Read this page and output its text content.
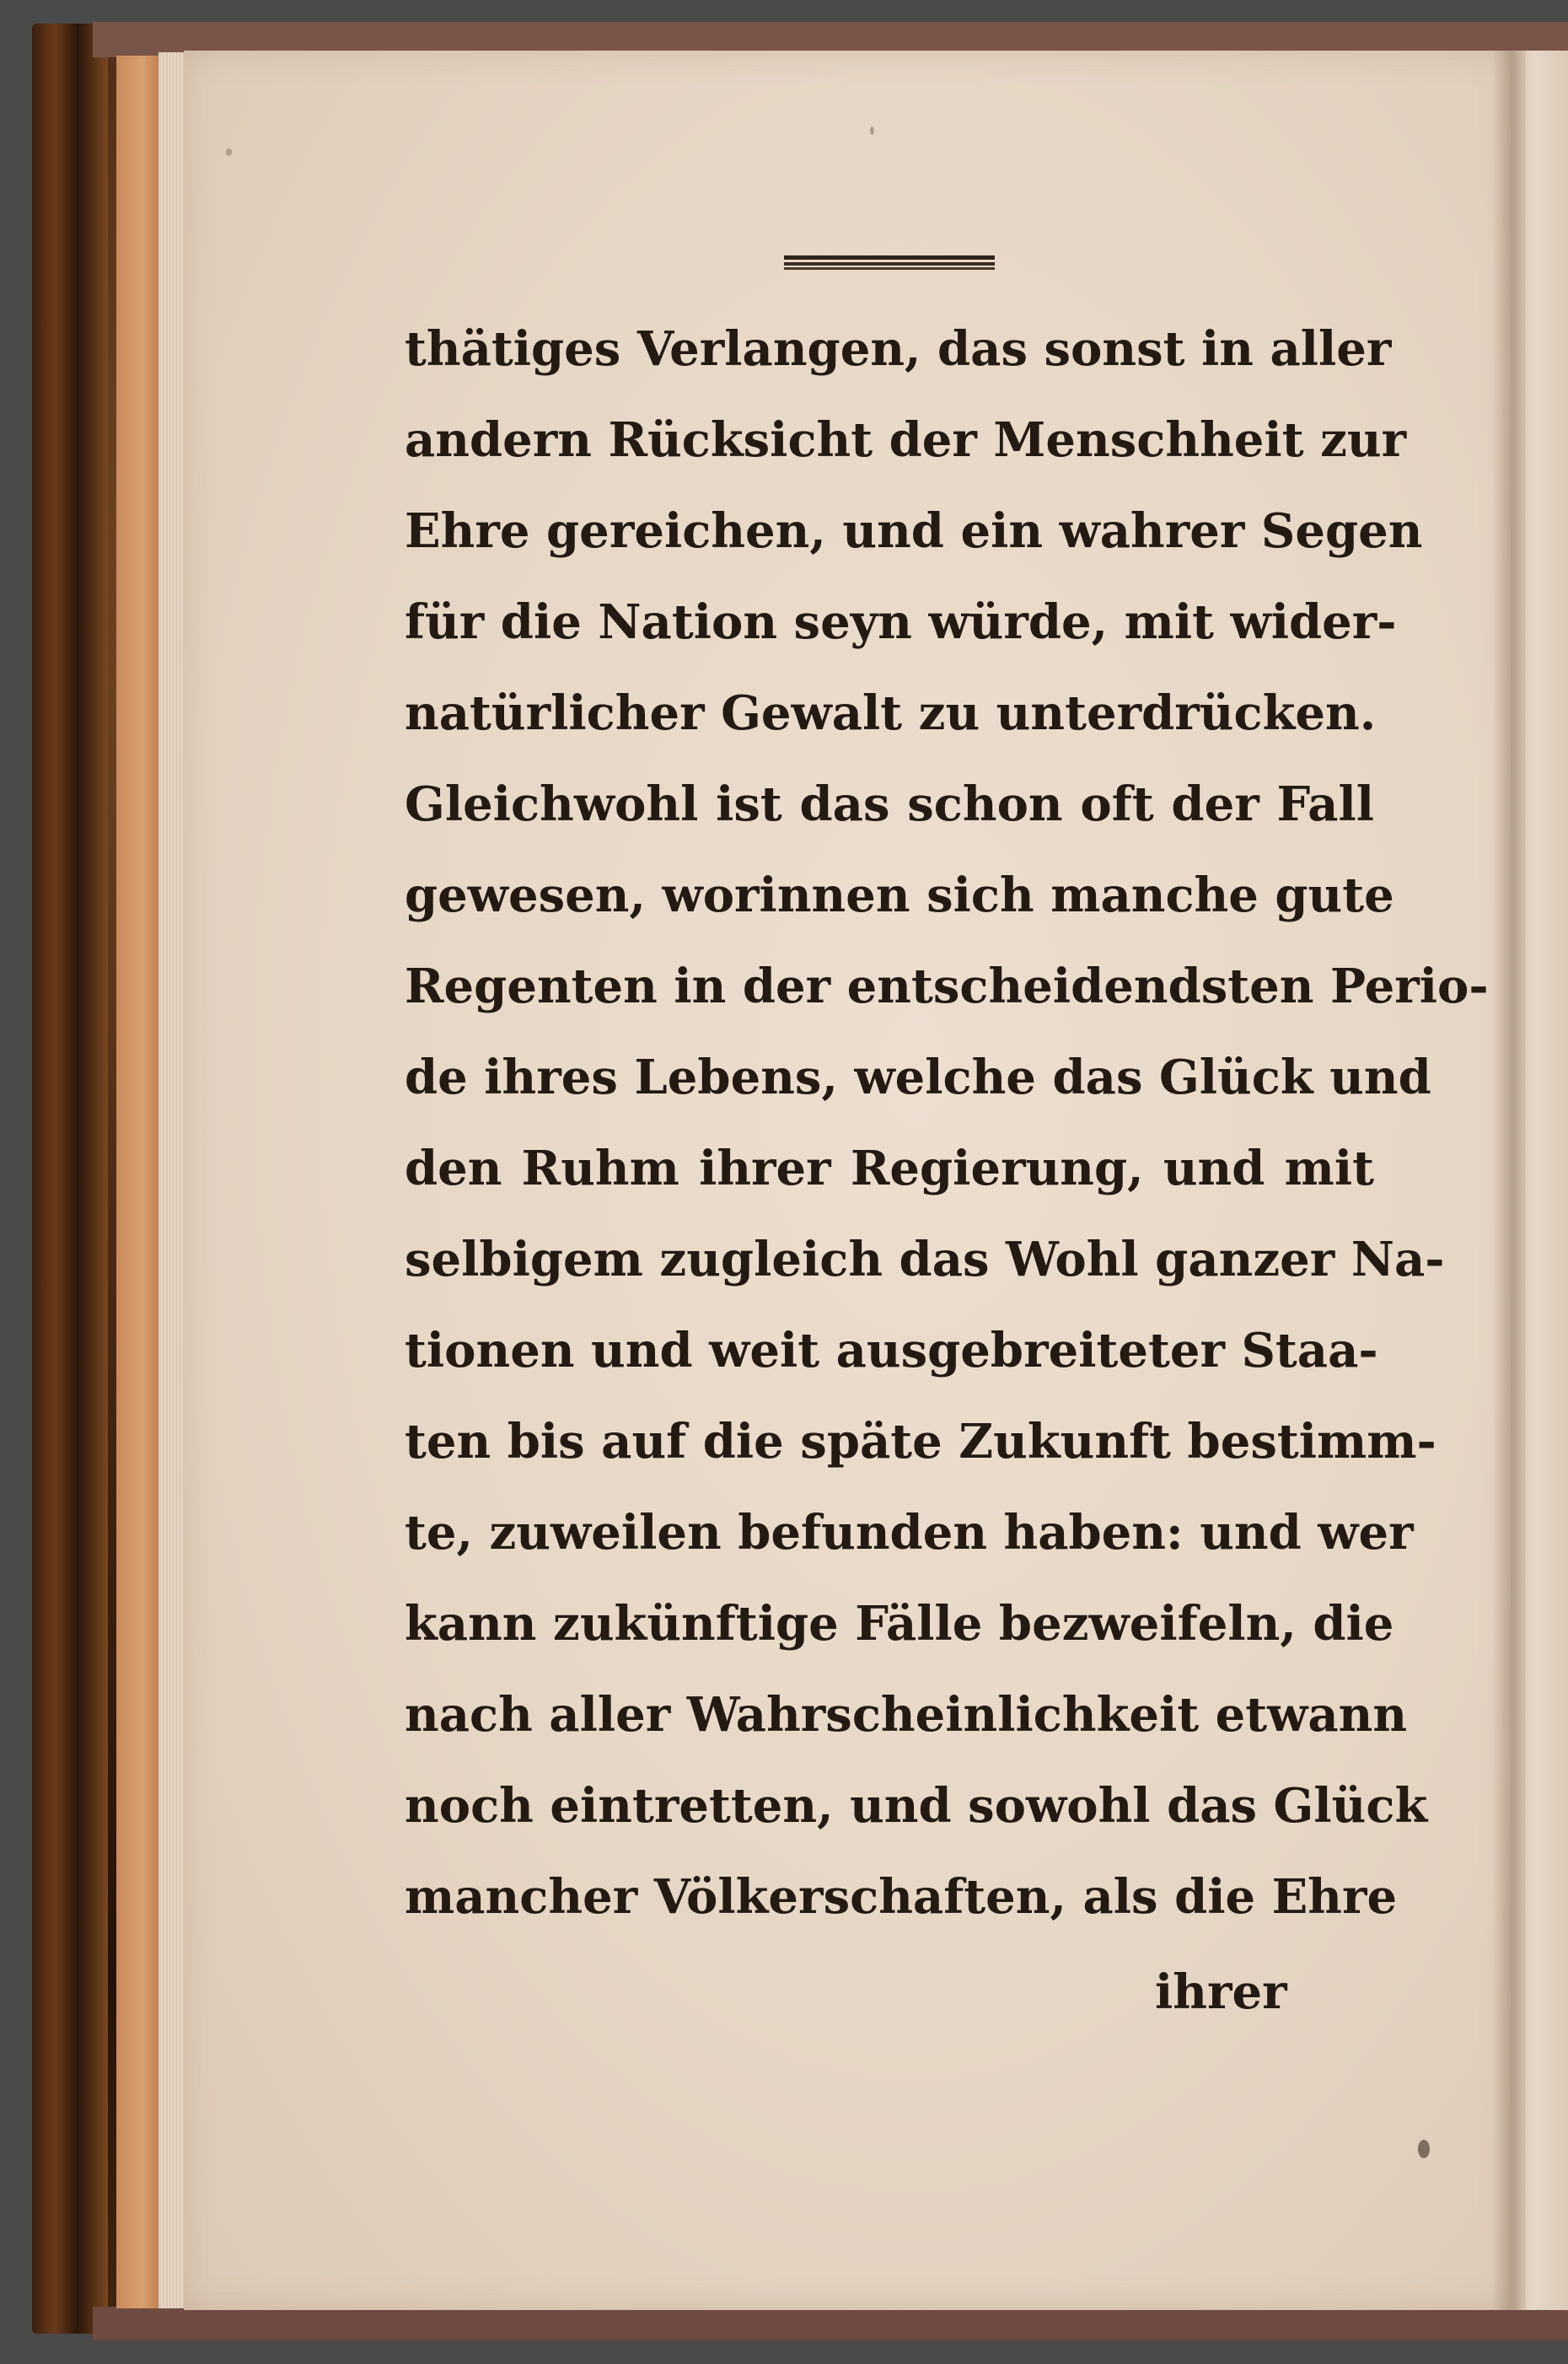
thätiges Verlangen, das sonst in aller
andern Rücksicht der Menschheit zur
Ehre gereichen, und ein wahrer Segen
für die Nation seyn würde, mit wider-
natürlicher Gewalt zu unterdrücken.
Gleichwohl ist das schon oft der Fall
gewesen, worinnen sich manche gute
Regenten in der entscheidendsten Perio-
de ihres Lebens, welche das Glück und
den Ruhm ihrer Regierung, und mit
selbigem zugleich das Wohl ganzer Na-
tionen und weit ausgebreiteter Staa-
ten bis auf die späte Zukunft bestimm-
te, zuweilen befunden haben: und wer
kann zukünftige Fälle bezweifeln, die
nach aller Wahrscheinlichkeit etwann
noch eintretten, und sowohl das Glück
mancher Völkerschaften, als die Ehre
ihrer
